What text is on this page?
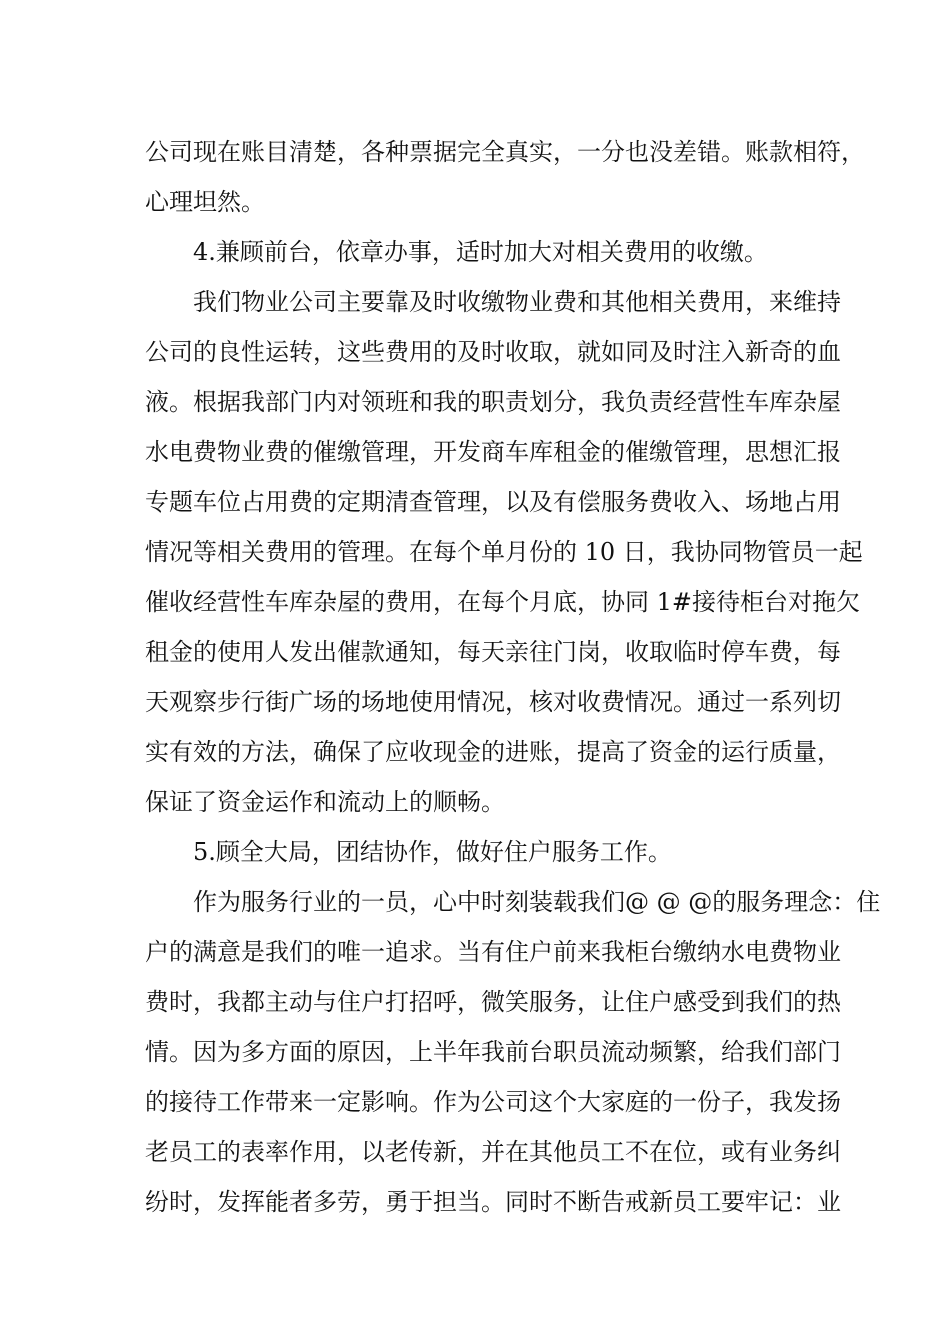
公司现在账目清楚，各种票据完全真实，一分也没差错。账款相符，
心理坦然。
4.兼顾前台，依章办事，适时加大对相关费用的收缴。
我们物业公司主要靠及时收缴物业费和其他相关费用，来维持
公司的良性运转，这些费用的及时收取，就如同及时注入新奇的血
液。根据我部门内对领班和我的职责划分，我负责经营性车库杂屋
水电费物业费的催缴管理，开发商车库租金的催缴管理，思想汇报
专题车位占用费的定期清查管理，以及有偿服务费收入、场地占用
情况等相关费用的管理。在每个单月份的 10 日，我协同物管员一起
催收经营性车库杂屋的费用，在每个月底，协同 1#接待柜台对拖欠
租金的使用人发出催款通知，每天亲往门岗，收取临时停车费，每
天观察步行街广场的场地使用情况，核对收费情况。通过一系列切
实有效的方法，确保了应收现金的进账，提高了资金的运行质量，
保证了资金运作和流动上的顺畅。
5.顾全大局，团结协作，做好住户服务工作。
作为服务行业的一员，心中时刻装载我们@ @ @的服务理念：住
户的满意是我们的唯一追求。当有住户前来我柜台缴纳水电费物业
费时，我都主动与住户打招呼，微笑服务，让住户感受到我们的热
情。因为多方面的原因，上半年我前台职员流动频繁，给我们部门
的接待工作带来一定影响。作为公司这个大家庭的一份子，我发扬
老员工的表率作用，以老传新，并在其他员工不在位，或有业务纠
纷时，发挥能者多劳，勇于担当。同时不断告戒新员工要牢记：业
